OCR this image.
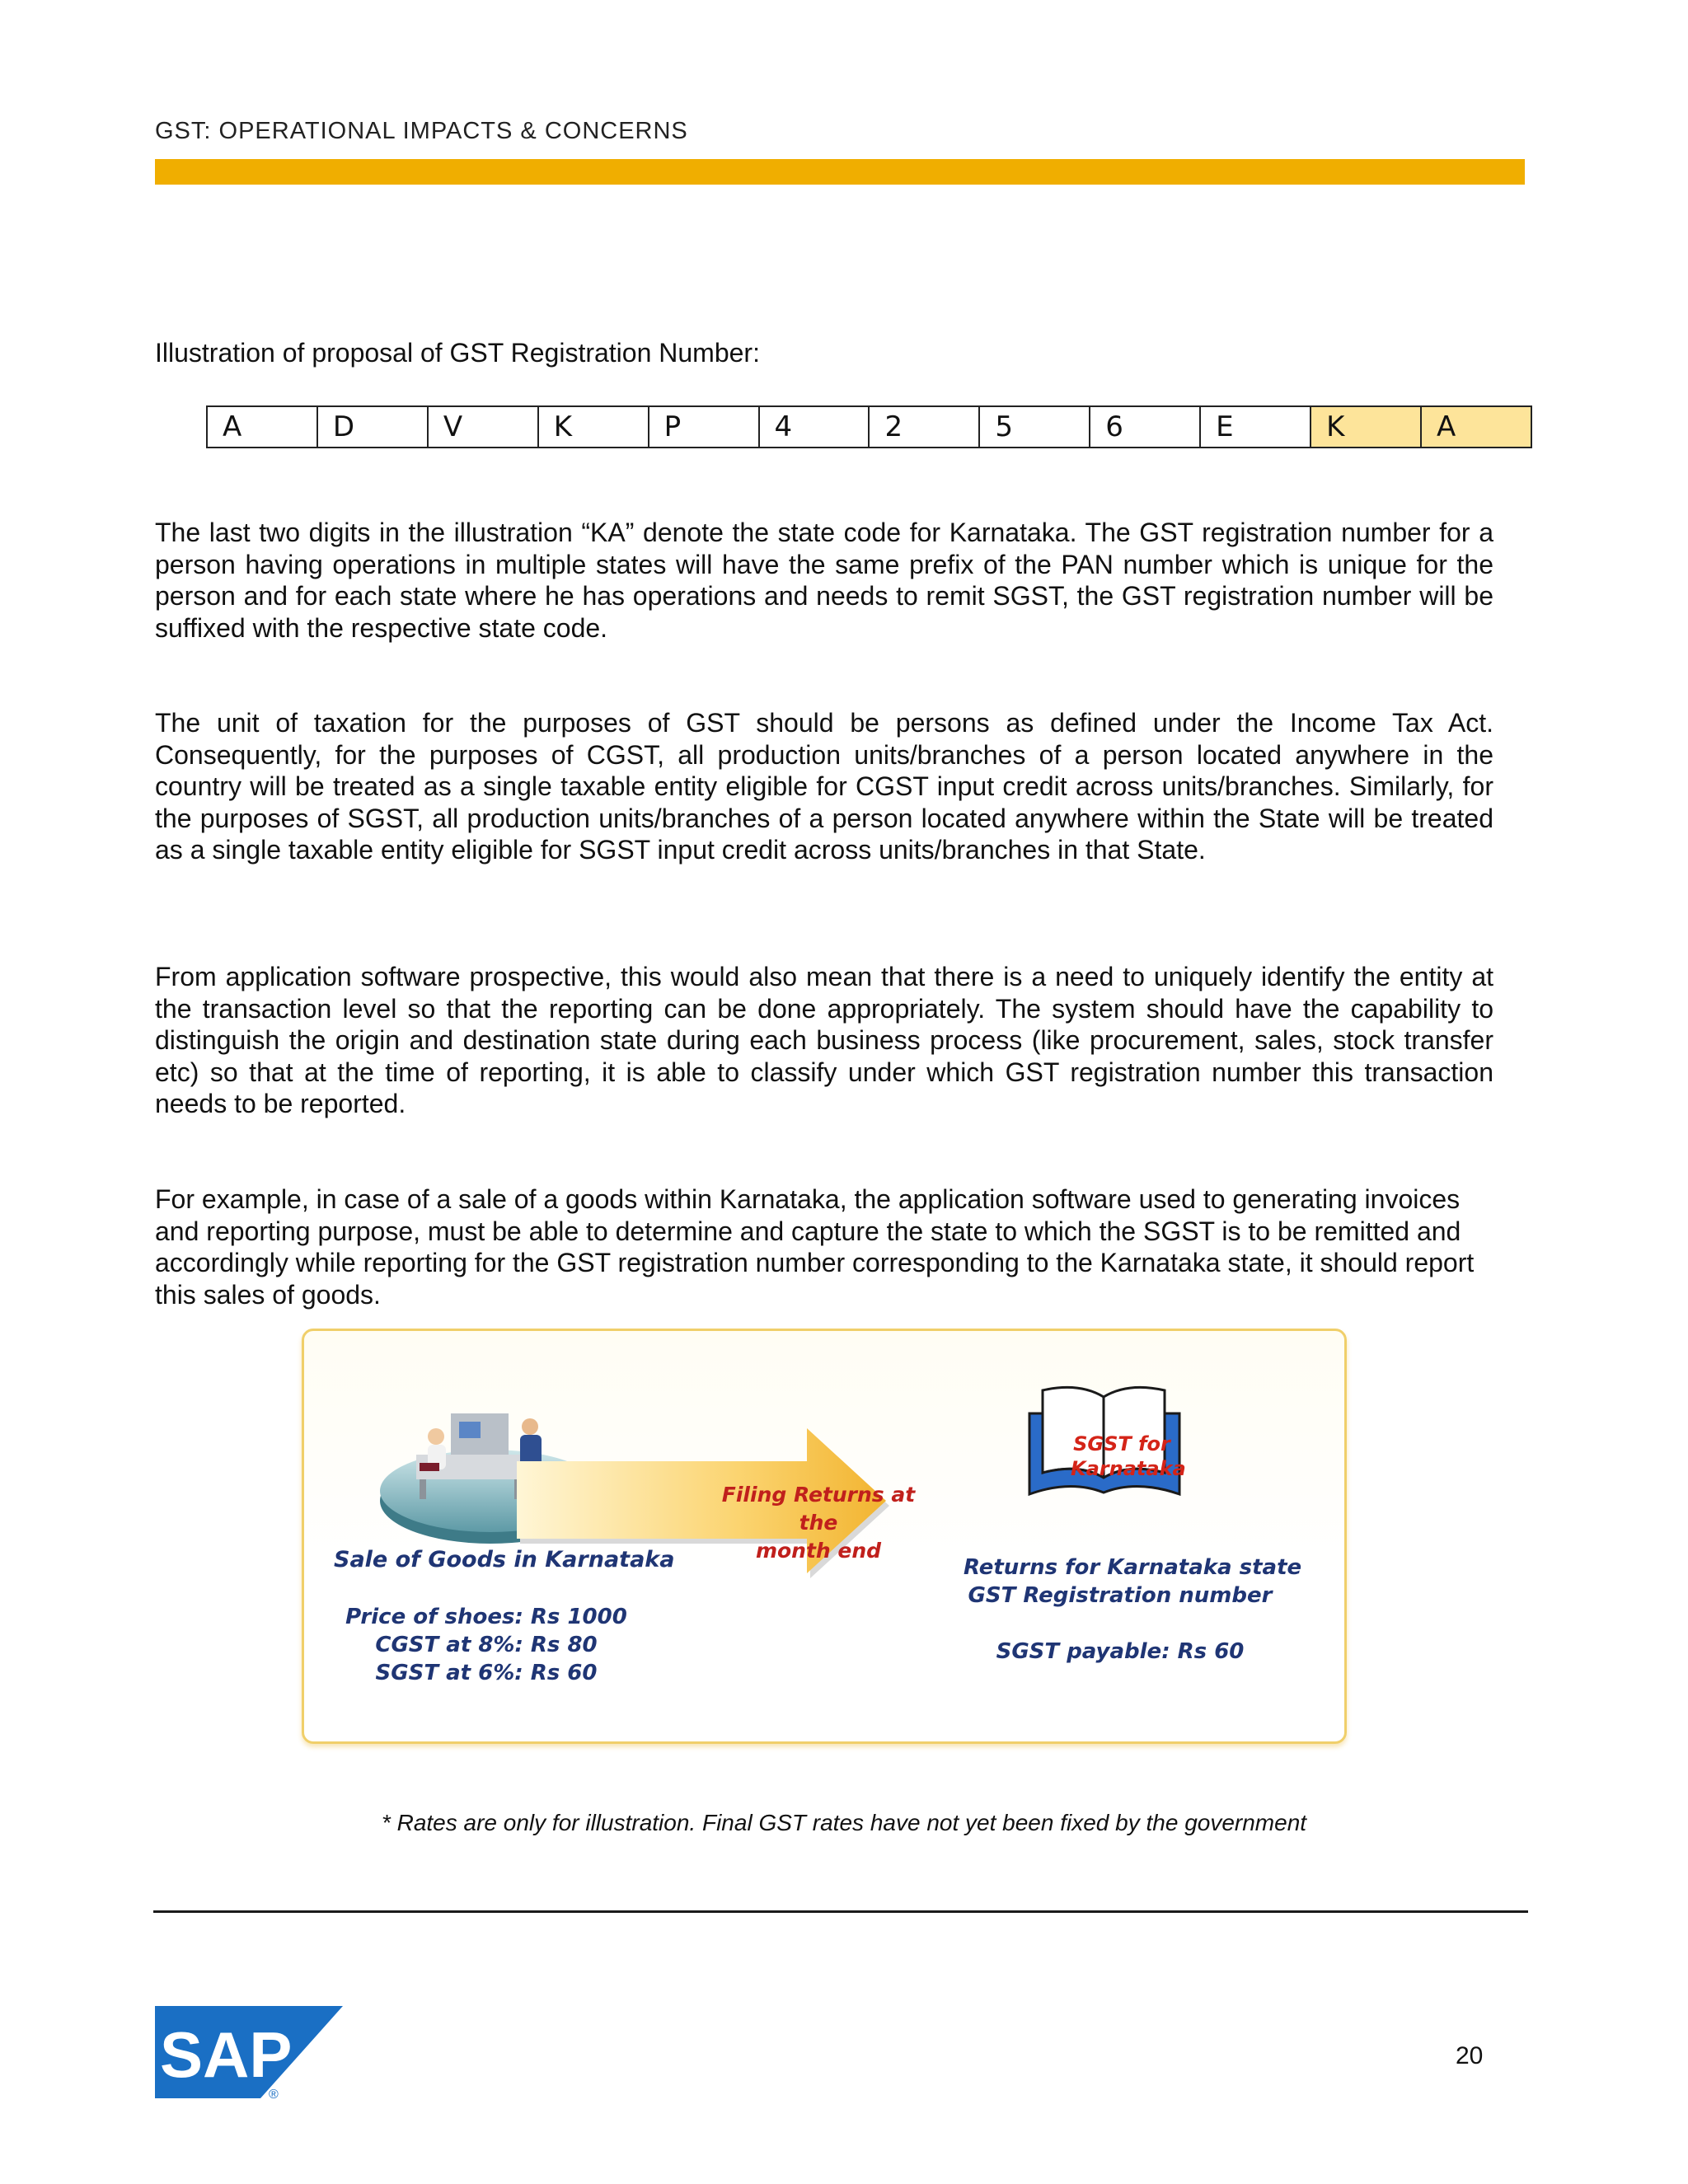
GST: OPERATIONAL IMPACTS & CONCERNS
Illustration of proposal of GST Registration Number:
A	D	V	K	P	4	2	5	6	E	K	A

The last two digits in the illustration “KA” denote the state code for Karnataka. The GST registration number for a person having operations in multiple states will have the same prefix of the PAN number which is unique for the person and for each state where he has operations and needs to remit SGST, the GST registration number will be suffixed with the respective state code.

The unit of taxation for the purposes of GST should be persons as defined under the Income Tax Act. Consequently, for the purposes of CGST, all production units/branches of a person located anywhere in the country will be treated as a single taxable entity eligible for CGST input credit across units/branches. Similarly, for the purposes of SGST, all production units/branches of a person located anywhere within the State will be treated as a single taxable entity eligible for SGST input credit across units/branches in that State.

From application software prospective, this would also mean that there is a need to uniquely identify the entity at the transaction level so that the reporting can be done appropriately. The system should have the capability to distinguish the origin and destination state during each business process (like procurement, sales, stock transfer etc) so that at the time of reporting, it is able to classify under which GST registration number this transaction needs to be reported.

For example, in case of a sale of a goods within Karnataka, the application software used to generating invoices and reporting purpose, must be able to determine and capture the state to which the SGST is to be remitted and accordingly while reporting for the GST registration number corresponding to the Karnataka state, it should report this sales of goods.

SGST for
Karnataka
Filing Returns at the
month end
Sale of Goods in Karnataka
Price of shoes: Rs 1000
CGST at 8%: Rs 80
SGST at 6%: Rs 60
Returns for Karnataka state
GST Registration number
SGST payable: Rs 60
* Rates are only for illustration. Final GST rates have not yet been fixed by the government
SAP
®
20
